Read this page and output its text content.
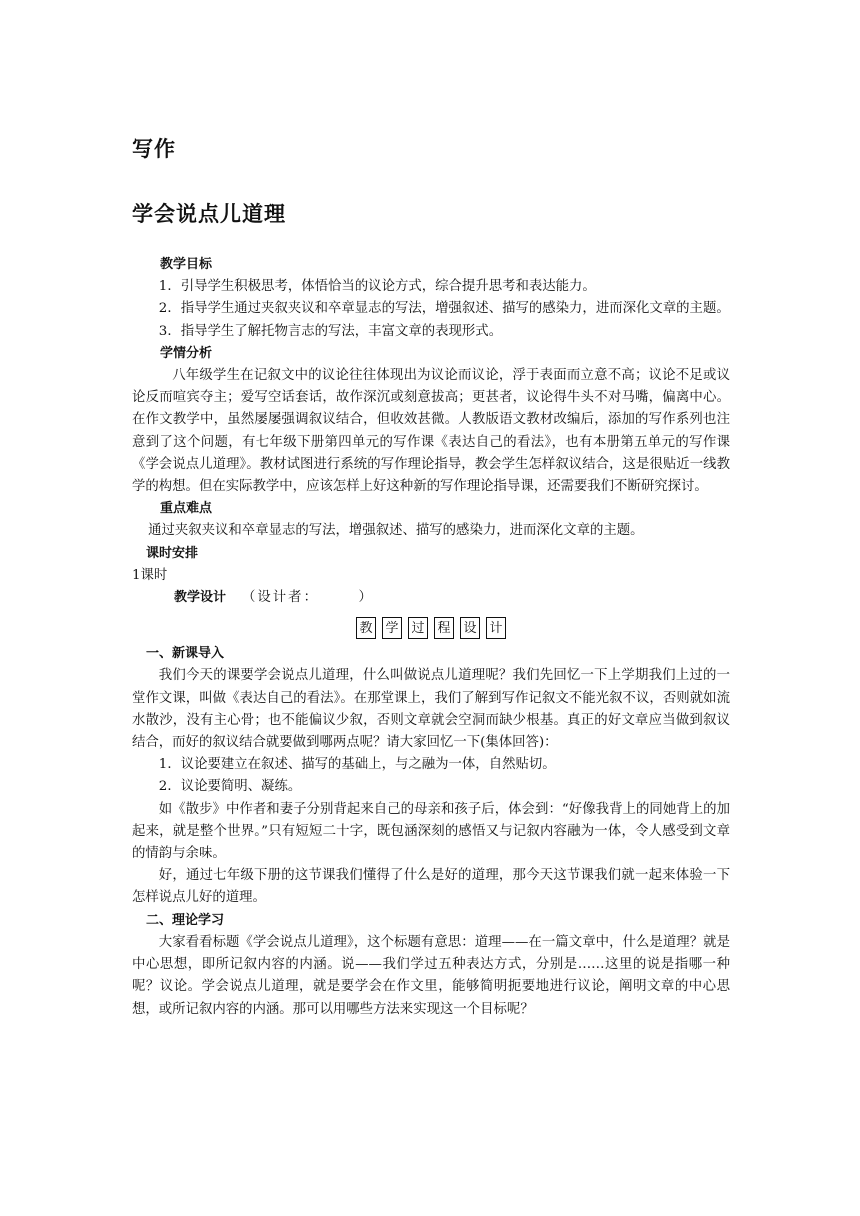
写作
学会说点儿道理
教学目标

1．引导学生积极思考，体悟恰当的议论方式，综合提升思考和表达能力。

2．指导学生通过夹叙夹议和卒章显志的写法，增强叙述、描写的感染力，进而深化文章的主题。

3．指导学生了解托物言志的写法，丰富文章的表现形式。

学情分析

八年级学生在记叙文中的议论往往体现出为议论而议论，浮于表面而立意不高；议论不足或议论反而喧宾夺主；爱写空话套话，故作深沉或刻意拔高；更甚者，议论得牛头不对马嘴，偏离中心。在作文教学中，虽然屡屡强调叙议结合，但收效甚微。人教版语文教材改编后，添加的写作系列也注意到了这个问题，有七年级下册第四单元的写作课《表达自己的看法》，也有本册第五单元的写作课《学会说点儿道理》。教材试图进行系统的写作理论指导，教会学生怎样叙议结合，这是很贴近一线教学的构想。但在实际教学中，应该怎样上好这种新的写作理论指导课，还需要我们不断研究探讨。

重点难点

通过夹叙夹议和卒章显志的写法，增强叙述、描写的感染力，进而深化文章的主题。

课时安排

1课时

教学设计 （设计者：　　　）
教 学 过 程 设 计
一、新课导入

我们今天的课要学会说点儿道理，什么叫做说点儿道理呢？我们先回忆一下上学期我们上过的一堂作文课，叫做《表达自己的看法》。在那堂课上，我们了解到写作记叙文不能光叙不议，否则就如流水散沙，没有主心骨；也不能偏议少叙，否则文章就会空洞而缺少根基。真正的好文章应当做到叙议结合，而好的叙议结合就要做到哪两点呢？请大家回忆一下(集体回答)：

1．议论要建立在叙述、描写的基础上，与之融为一体，自然贴切。

2．议论要简明、凝练。

如《散步》中作者和妻子分别背起来自己的母亲和孩子后，体会到：“好像我背上的同她背上的加起来，就是整个世界。”只有短短二十字，既包涵深刻的感悟又与记叙内容融为一体，令人感受到文章的情韵与余味。

好，通过七年级下册的这节课我们懂得了什么是好的道理，那今天这节课我们就一起来体验一下怎样说点儿好的道理。

二、理论学习

大家看看标题《学会说点儿道理》，这个标题有意思：道理——在一篇文章中，什么是道理？就是中心思想，即所记叙内容的内涵。说——我们学过五种表达方式，分别是……这里的说是指哪一种呢？议论。学会说点儿道理，就是要学会在作文里，能够简明扼要地进行议论，阐明文章的中心思想，或所记叙内容的内涵。那可以用哪些方法来实现这一个目标呢？
